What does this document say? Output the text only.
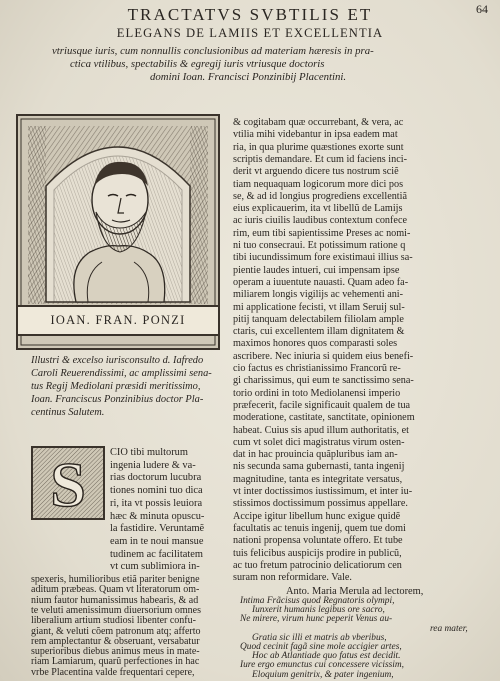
64
TRACTATVS SVBTILIS ET
ELEGANS DE LAMIIS ET EXCELLENTIA
vtriusque iuris, cum nonnullis conclusionibus ad materiam hæresis in pra-
ctica vtilibus, spectabilis & egregij iuris vtriusque doctoris
domini Ioan. Francisci Ponzinibij Placentini.
IOAN. FRAN. PONZI
Illustri & excelso iurisconsulto d. Iafredo
Caroli Reuerendissimi, ac amplissimi sena-
tus Regij Mediolani præsidi meritissimo,
Ioan. Franciscus Ponzinibius doctor Pla-
centinus Salutem.
S CIO tibi multorum
ingenia ludere & va-
rias doctorum lucubra
tiones nomini tuo dica
ri, ita vt possis leuiora
hæc & minuta opuscu-
la fastidire. Veruntamẽ
eam in te noui mansue
tudinem ac facilitatem
vt cum sublimiora in-
spexeris, humilioribus etiã pariter benigne
aditum præbeas. Quam vt literatorum om-
nium fautor humanissimus habearis, & ad
te veluti amenissimum diuersorium omnes
liberalium artium studiosi libenter confu-
giant, & veluti cõem patronum atq; afferto
rem amplectantur & obseruant, versabatur
superioribus diebus animus meus in mate-
riam Lamiarum, quarũ perfectiones in hac
vrbe Placentina valde frequentari cepere,
& cogitabam quæ occurrebant, & vera, ac
vtilia mihi videbantur in ipsa eadem mat
ria, in qua plurime quæstiones exorte sunt
scriptis demandare. Et cum id faciens inci-
derit vt arguendo dicere tus nostrum sciẽ
tiam nequaquam logicorum more dici pos
se, & ad id longius progrediens excellentiã
eius explicauerim, ita vt libellũ de Lamijs
ac iuris ciuilis laudibus contextum confece
rim, eum tibi sapientissime Preses ac nomi-
ni tuo consecraui. Et potissimum ratione q
tibi iucundissimum fore existimaui illius sa-
pientie laudes intueri, cui impensam ipse
operam a iuuentute nauasti. Quam adeo fa-
miliarem longis vigilijs ac vehementi ani-
mi applicatione fecisti, vt illam Seruij sul-
pitij tanquam delectabilem filiolam ample
ctaris, cui excellentem illam dignitatem &
maximos honores quos comparasti soles
ascribere. Nec iniuria si quidem eius benefi-
cio factus es christianissimo Francorũ re-
gi charissimus, qui eum te sanctissimo sena-
torio ordini in toto Mediolanensi imperio
præfecerit, facile significauit qualem de tua
moderatione, castitate, sanctitate, opinionem
habeat. Cuius sis apud illum authoritatis, et
cum vt solet dici magistratus virum osten-
dat in hac prouincia quãpluribus iam an-
nis secunda sama gubernasti, tanta ingenij
magnitudine, tanta es integritate versatus,
vt inter doctissimos iustissimum, et inter iu-
stissimos doctissimum possimus appellare.
Accipe igitur libellum hunc exigue quidẽ
facultatis ac tenuis ingenij, quem tue domi
nationi propensa voluntate offero. Et tube
tuis felicibus auspicijs prodire in publicũ,
ac tuo fretum patrocinio delicatiorum cen
suram non reformidare. Vale.
Anto. Maria Merula ad lectorem,
Intima Frãcisus quod Regnatoris olympi,
Iunxerit humanis legibus ore sacro,
Ne mirere, virum hunc peperit Venus au-
rea mater,
Gratia sic illi et matris ab vberibus,
Quod cecinit fagã sine mole accigier artes,
Hoc ab Atlantiade quo fatus est decidit.
Iure ergo emunctus cui concessere vicissim,
Eloquium genitrix, & pater ingenium,
